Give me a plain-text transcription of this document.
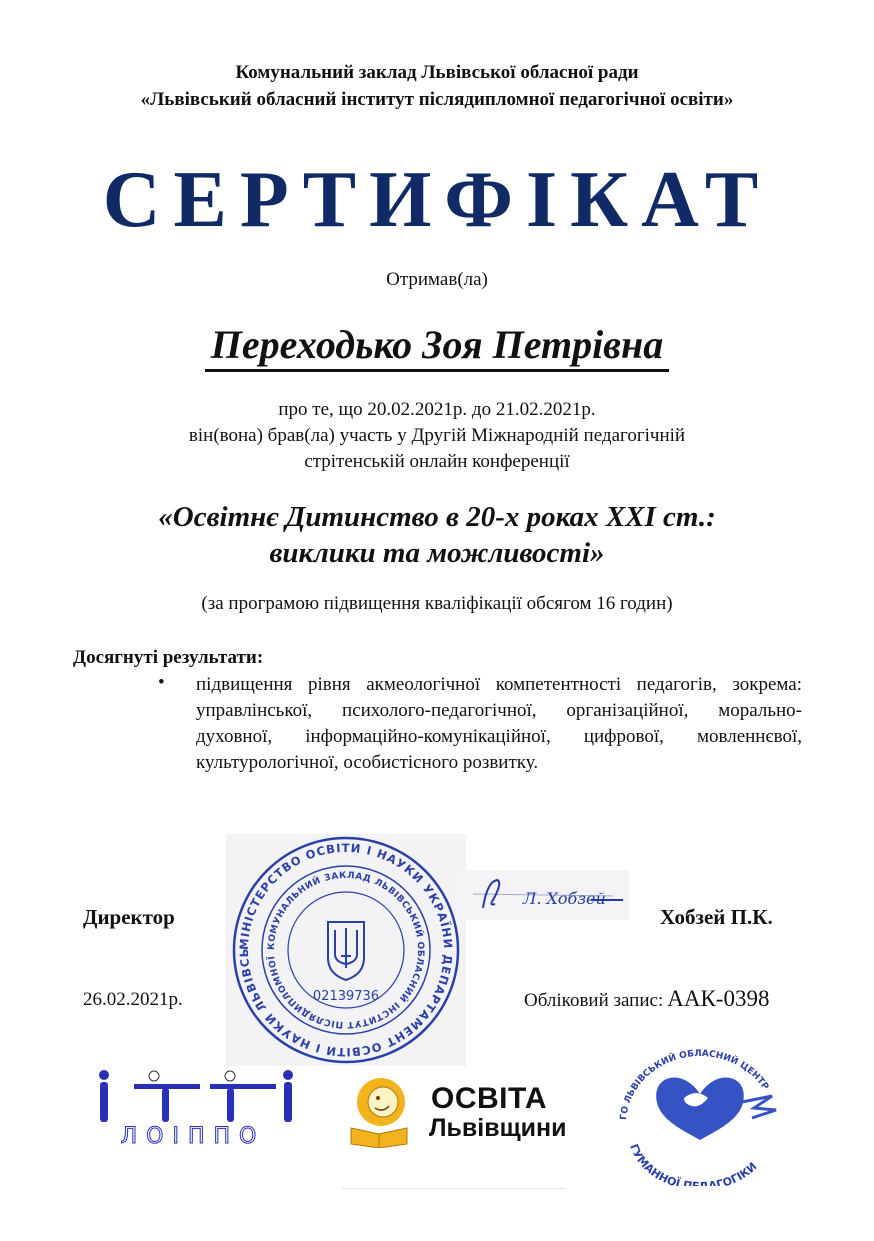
Комунальний заклад Львівської обласної ради
«Львівський обласний інститут післядипломної педагогічної освіти»
СЕРТИФІКАТ
Отримав(ла)
Переходько Зоя Петрівна
про те, що 20.02.2021р. до 21.02.2021р.
він(вона) брав(ла) участь у Другій Міжнародній педагогічній
стрітенській онлайн конференції
«Освітнє Дитинство в 20-х роках XXI ст.:
виклики та можливості»
(за програмою підвищення кваліфікації обсягом 16 годин)
Досягнуті результати:
• підвищення рівня акмеологічної компетентності педагогів, зокрема: управлінської, психолого-педагогічної, організаційної, морально-духовної, інформаційно-комунікаційної, цифрової, мовленнєвої, культурологічної, особистісного розвитку.
МІНІСТЕРСТВО ОСВІТИ І НАУКИ УКРАЇНИ ДЕПАРТАМЕНТ ОСВІТИ І НАУКИ ЛЬВІВСЬ
КОМУНАЛЬНИЙ ЗАКЛАД ЛЬВІВСЬКИЙ ОБЛАСНИЙ ІНСТИТУТ ПІСЛЯДИПЛОМНОЇ
02139736
Л. Хобзей
Директор	Хобзей П.К.
26.02.2021р.	Обліковий запис: ААК-0398
ЛОІППО
ОСВІТА
Львівщини	ГО ЛЬВІВСЬКИЙ ОБЛАСНИЙ ЦЕНТР
ГУМАННОЇ П АГОГІКИ
